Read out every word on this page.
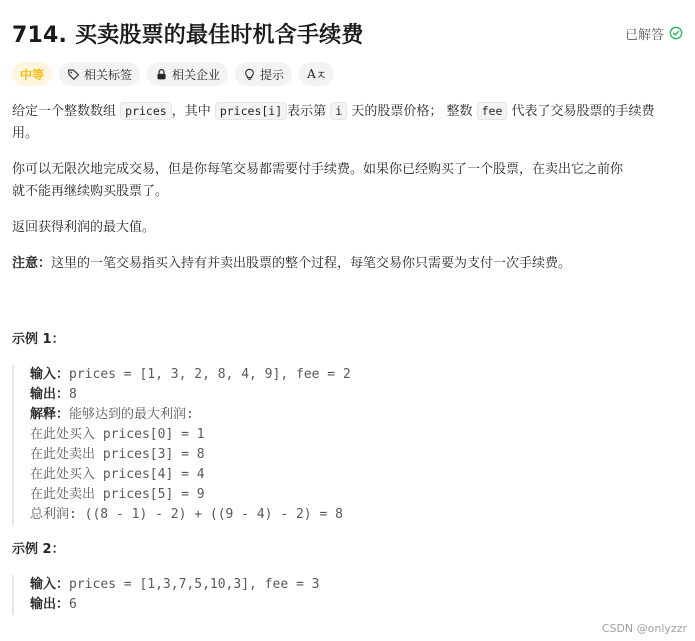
714. 买卖股票的最佳时机含手续费	已解答
中等	相关标签	相关企业	提示 A

给定一个整数数组 prices ，其中 prices[i] 表示第 i 天的股票价格； 整数 fee 代表了交易股票的手续费
用。

你可以无限次地完成交易，但是你每笔交易都需要付手续费。如果你已经购买了一个股票，在卖出它之前你
就不能再继续购买股票了。

返回获得利润的最大值。

注意：这里的一笔交易指买入持有并卖出股票的整个过程，每笔交易你只需要为支付一次手续费。

示例 1：

输入：prices = [1, 3, 2, 8, 4, 9], fee = 2
输出：8
解释：能够达到的最大利润:
在此处买入 prices[0] = 1
在此处卖出 prices[3] = 8
在此处买入 prices[4] = 4
在此处卖出 prices[5] = 9
总利润: ((8 - 1) - 2) + ((9 - 4) - 2) = 8

示例 2：

输入：prices = [1,3,7,5,10,3], fee = 3
输出：6
CSDN @onlyzzr
